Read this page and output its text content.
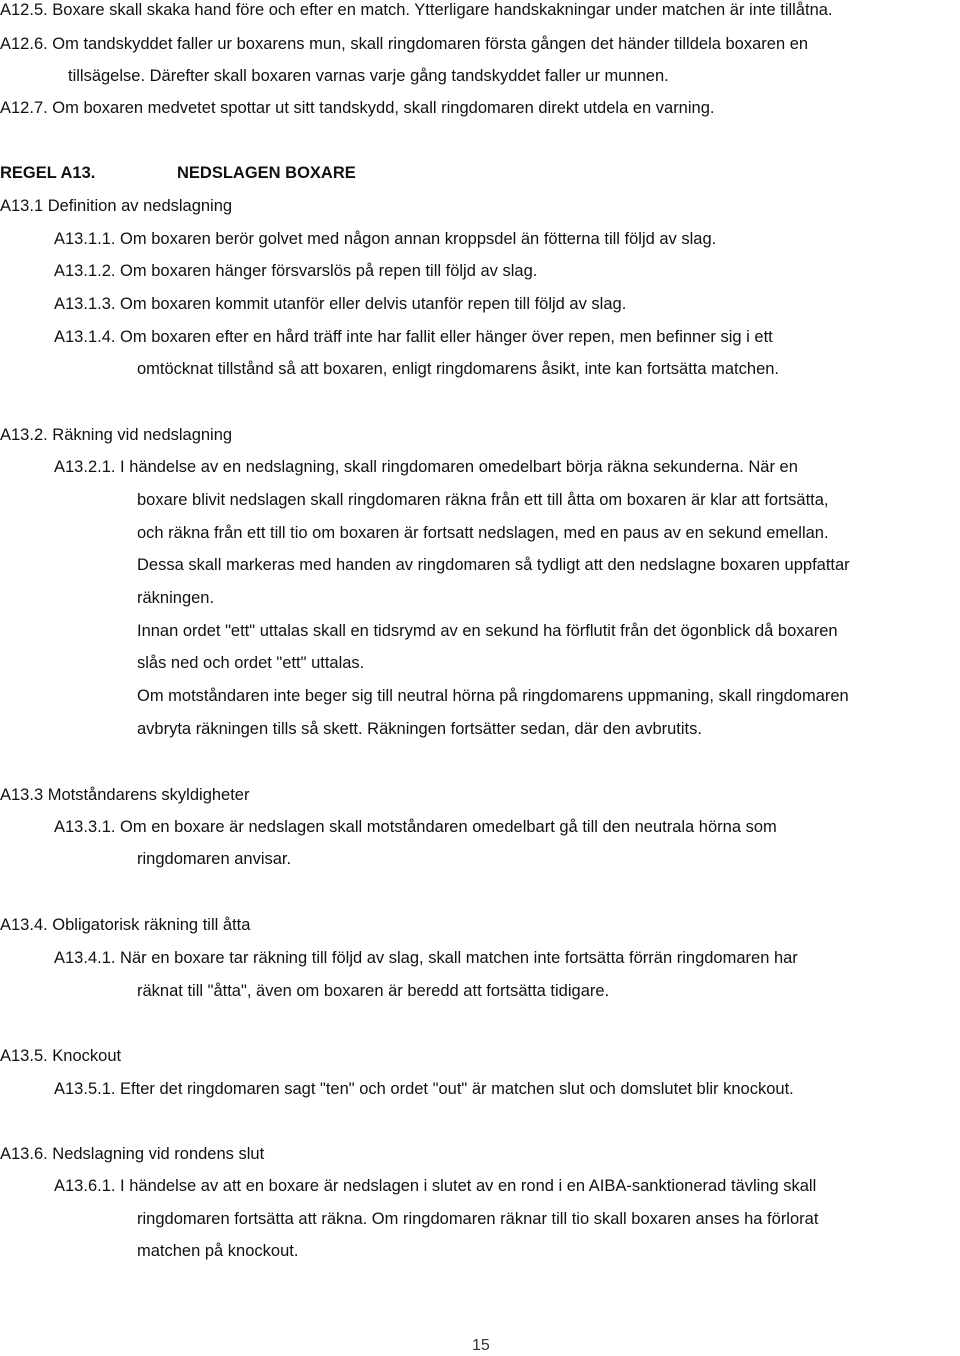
A12.5. Boxare skall skaka hand före och efter en match. Ytterligare handskakningar under matchen är inte tillåtna.
A12.6. Om tandskyddet faller ur boxarens mun, skall ringdomaren första gången det händer tilldela boxaren en
tillsägelse. Därefter skall boxaren varnas varje gång tandskyddet faller ur munnen.
A12.7. Om boxaren medvetet spottar ut sitt tandskydd, skall ringdomaren direkt utdela en varning.
REGEL A13.	NEDSLAGEN BOXARE
A13.1 Definition av nedslagning
A13.1.1. Om boxaren berör golvet med någon annan kroppsdel än fötterna till följd av slag.
A13.1.2. Om boxaren hänger försvarslös på repen till följd av slag.
A13.1.3. Om boxaren kommit utanför eller delvis utanför repen till följd av slag.
A13.1.4. Om boxaren efter en hård träff inte har fallit eller hänger över repen, men befinner sig i ett
omtöcknat tillstånd så att boxaren, enligt ringdomarens åsikt, inte kan fortsätta matchen.
A13.2. Räkning vid nedslagning
A13.2.1. I händelse av en nedslagning, skall ringdomaren omedelbart börja räkna sekunderna. När en
boxare blivit nedslagen skall ringdomaren räkna från ett till åtta om boxaren är klar att fortsätta,
och räkna från ett till tio om boxaren är fortsatt nedslagen, med en paus av en sekund emellan.
Dessa skall markeras med handen av ringdomaren så tydligt att den nedslagne boxaren uppfattar
räkningen.
Innan ordet "ett" uttalas skall en tidsrymd av en sekund ha förflutit från det ögonblick då boxaren
slås ned och ordet "ett" uttalas.
Om motståndaren inte beger sig till neutral hörna på ringdomarens uppmaning, skall ringdomaren
avbryta räkningen tills så skett. Räkningen fortsätter sedan, där den avbrutits.
A13.3 Motståndarens skyldigheter
A13.3.1. Om en boxare är nedslagen skall motståndaren omedelbart gå till den neutrala hörna som
ringdomaren anvisar.
A13.4. Obligatorisk räkning till åtta
A13.4.1. När en boxare tar räkning till följd av slag, skall matchen inte fortsätta förrän ringdomaren har
räknat till "åtta", även om boxaren är beredd att fortsätta tidigare.
A13.5. Knockout
A13.5.1. Efter det ringdomaren sagt "ten" och ordet "out" är matchen slut och domslutet blir knockout.
A13.6. Nedslagning vid rondens slut
A13.6.1. I händelse av att en boxare är nedslagen i slutet av en rond i en AIBA-sanktionerad tävling skall
ringdomaren fortsätta att räkna. Om ringdomaren räknar till tio skall boxaren anses ha förlorat
matchen på knockout.
15
